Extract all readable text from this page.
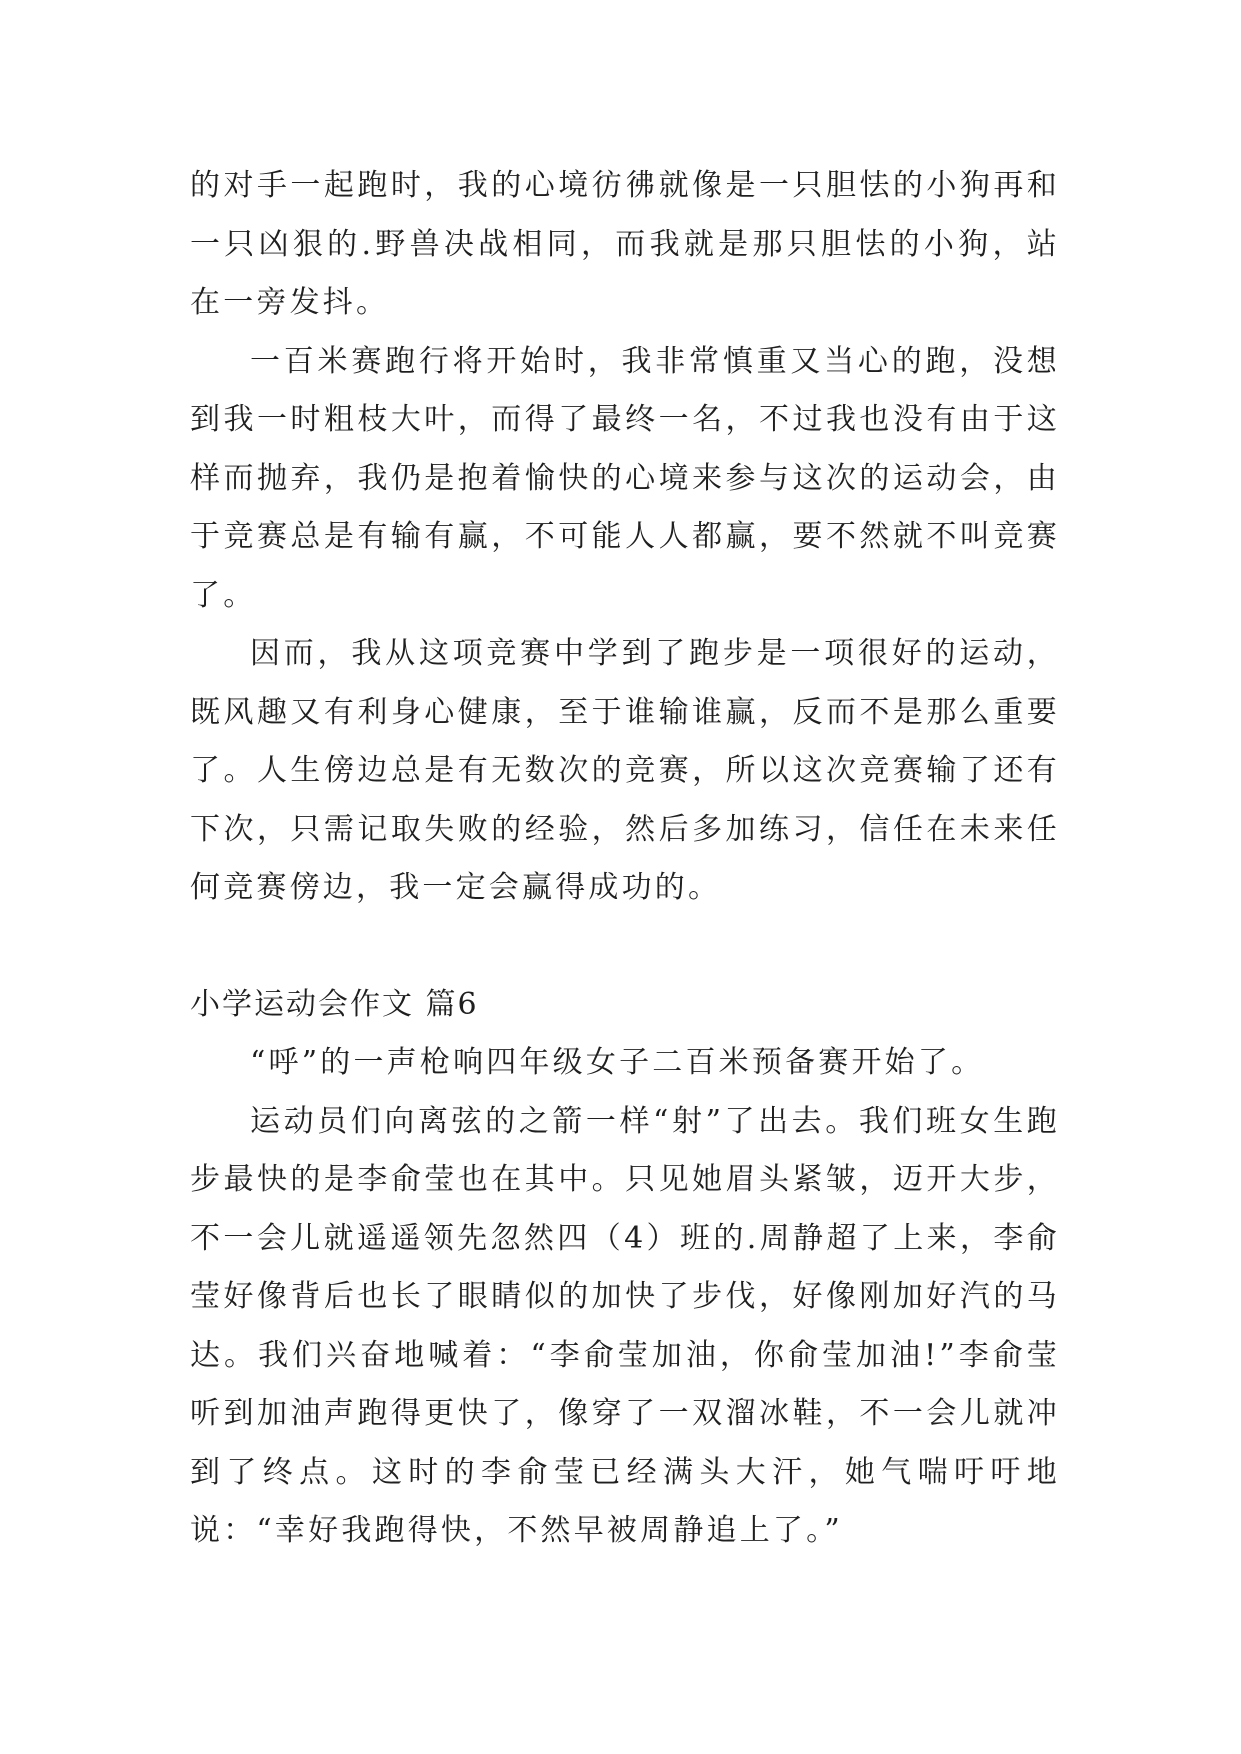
的对手一起跑时，我的心境彷彿就像是一只胆怯的小狗再和一只凶狠的.野兽决战相同，而我就是那只胆怯的小狗，站在一旁发抖。

一百米赛跑行将开始时，我非常慎重又当心的跑，没想到我一时粗枝大叶，而得了最终一名，不过我也没有由于这样而抛弃，我仍是抱着愉快的心境来参与这次的运动会，由于竞赛总是有输有赢，不可能人人都赢，要不然就不叫竞赛了。

因而，我从这项竞赛中学到了跑步是一项很好的运动，既风趣又有利身心健康，至于谁输谁赢，反而不是那么重要了。人生傍边总是有无数次的竞赛，所以这次竞赛输了还有下次，只需记取失败的经验，然后多加练习，信任在未来任何竞赛傍边，我一定会赢得成功的。

小学运动会作文 篇6

“呼”的一声枪响四年级女子二百米预备赛开始了。

运动员们向离弦的之箭一样“射”了出去。我们班女生跑步最快的是李俞莹也在其中。只见她眉头紧皱，迈开大步，不一会儿就遥遥领先忽然四（4）班的.周静超了上来，李俞莹好像背后也长了眼睛似的加快了步伐，好像刚加好汽的马达。我们兴奋地喊着：“李俞莹加油，你俞莹加油!”李俞莹听到加油声跑得更快了，像穿了一双溜冰鞋，不一会儿就冲到了终点。这时的李俞莹已经满头大汗，她气喘吁吁地说：“幸好我跑得快，不然早被周静追上了。”
